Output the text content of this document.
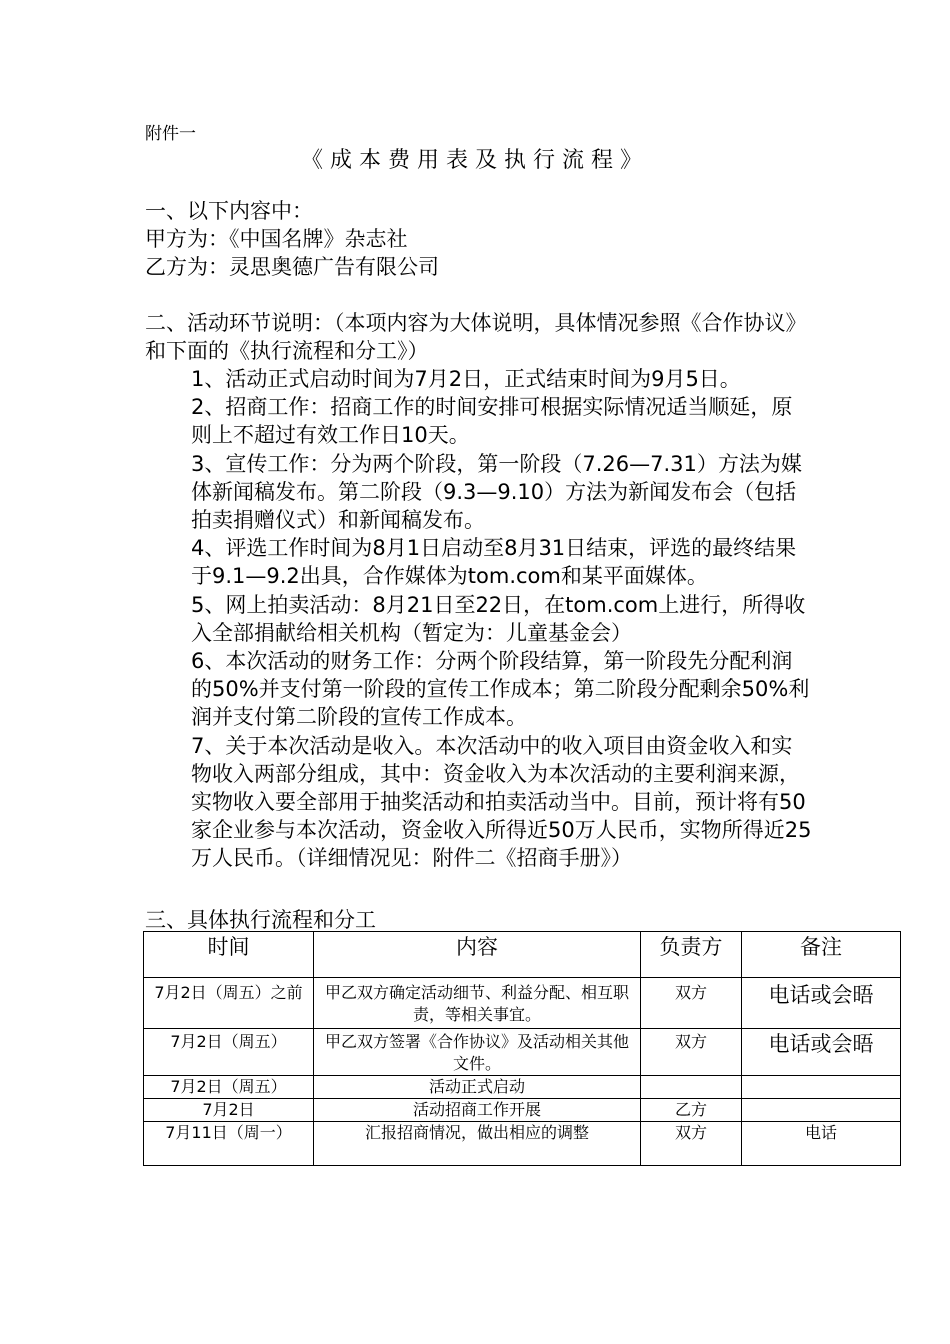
附件一
《成本费用表及执行流程》
一、以下内容中：
甲方为：《中国名牌》杂志社
乙方为：灵思奥德广告有限公司
二、活动环节说明：（本项内容为大体说明，具体情况参照《合作协议》和下面的《执行流程和分工》）
1、活动正式启动时间为7月2日，正式结束时间为9月5日。
2、招商工作：招商工作的时间安排可根据实际情况适当顺延，原则上不超过有效工作日10天。
3、宣传工作：分为两个阶段，第一阶段（7.26—7.31）方法为媒体新闻稿发布。第二阶段（9.3—9.10）方法为新闻发布会（包括拍卖捐赠仪式）和新闻稿发布。
4、评选工作时间为8月1日启动至8月31日结束，评选的最终结果于9.1—9.2出具，合作媒体为tom.com和某平面媒体。
5、网上拍卖活动：8月21日至22日，在tom.com上进行，所得收入全部捐献给相关机构（暂定为：儿童基金会）
6、本次活动的财务工作：分两个阶段结算，第一阶段先分配利润的50%并支付第一阶段的宣传工作成本；第二阶段分配剩余50%利润并支付第二阶段的宣传工作成本。
7、关于本次活动是收入。本次活动中的收入项目由资金收入和实物收入两部分组成，其中：资金收入为本次活动的主要利润来源，实物收入要全部用于抽奖活动和拍卖活动当中。目前，预计将有50家企业参与本次活动，资金收入所得近50万人民币，实物所得近25万人民币。（详细情况见：附件二《招商手册》）
三、具体执行流程和分工
时间	内容	负责方	备注
7月2日（周五）之前	甲乙双方确定活动细节、利益分配、相互职责，等相关事宜。	双方	电话或会晤
7月2日（周五）	甲乙双方签署《合作协议》及活动相关其他文件。	双方	电话或会晤
7月2日（周五）	活动正式启动		
7月2日	活动招商工作开展	乙方	
7月11日（周一）	汇报招商情况，做出相应的调整	双方	电话
